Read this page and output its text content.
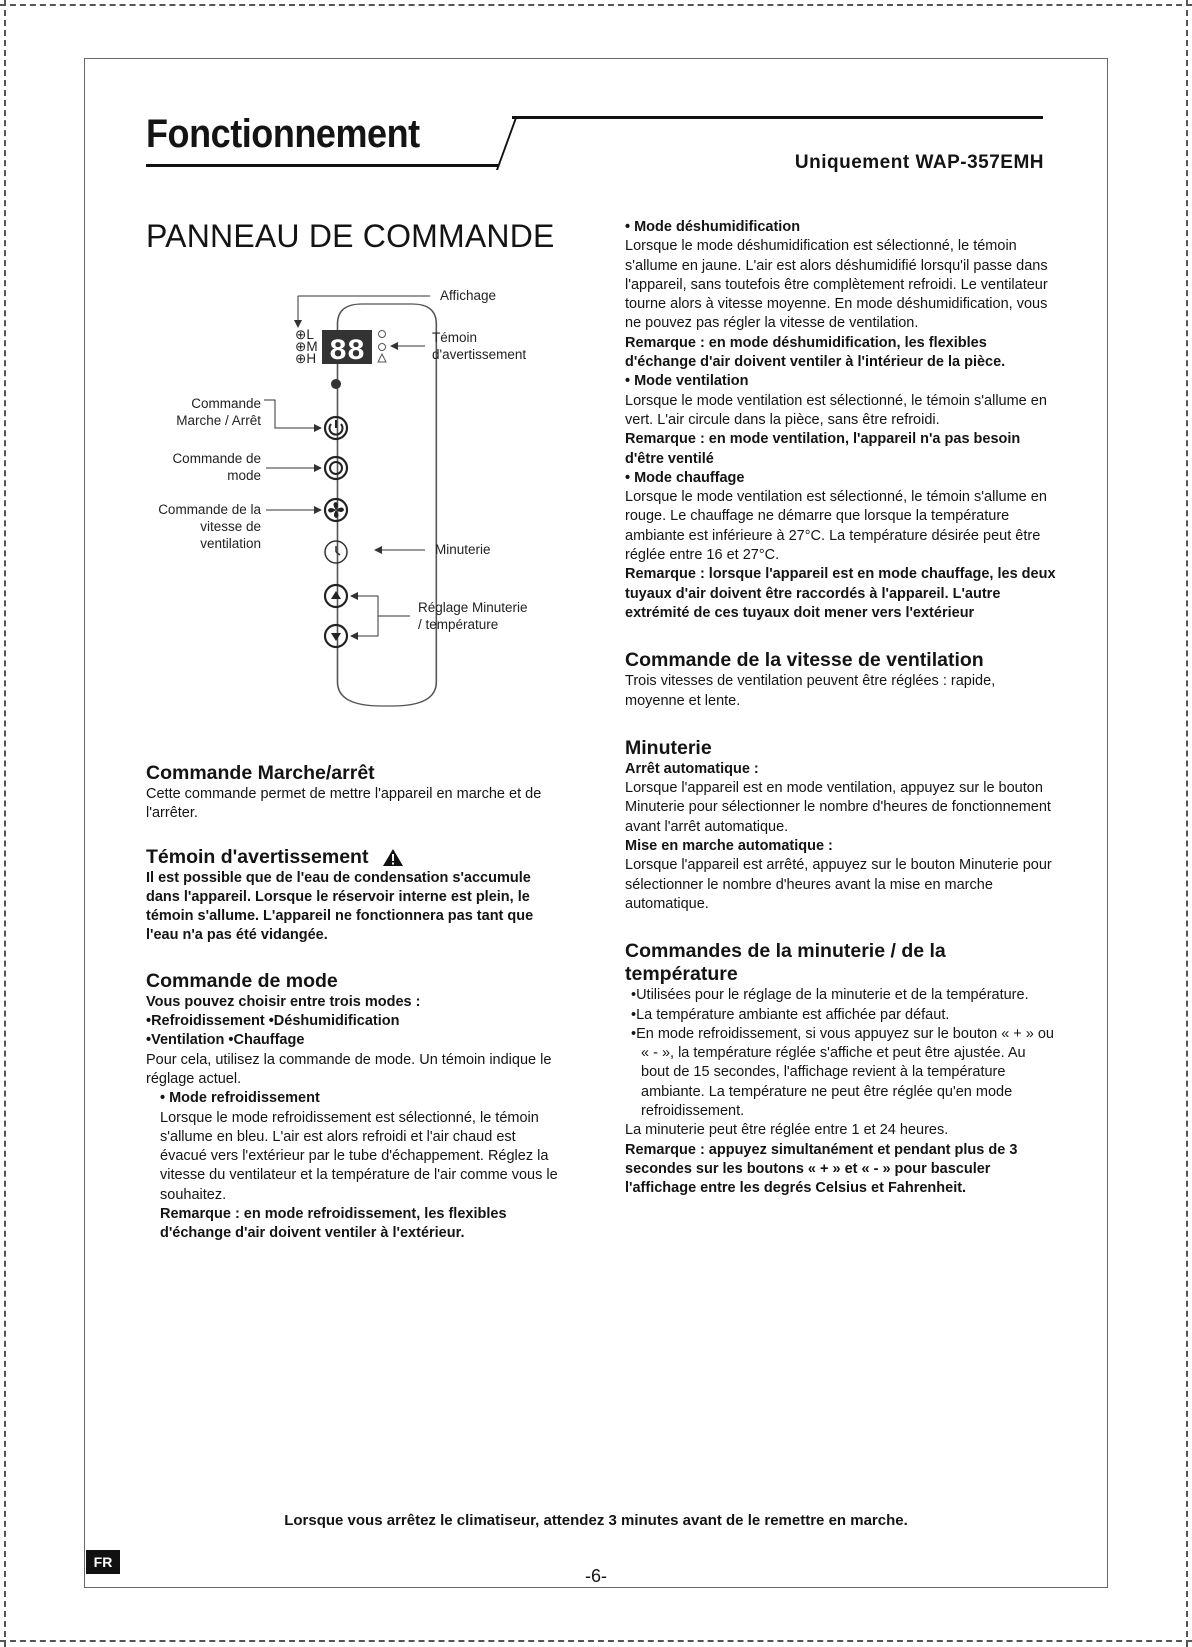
Fonctionnement
Uniquement WAP-357EMH
PANNEAU DE COMMANDE
88
⊕L
⊕M
⊕H
Affichage
Témoin
d'avertissement
Commande
Marche / Arrêt
Commande de
mode
Commande de la
vitesse de
ventilation	Minuterie
Réglage Minuterie
/ température

Commande Marche/arrêt

Cette commande permet de mettre l'appareil en marche et de l'arrêter.

Témoin d'avertissement

Il est possible que de l'eau de condensation s'accumule dans l'appareil. Lorsque le réservoir interne est plein, le témoin s'allume. L'appareil ne fonctionnera pas tant que l'eau n'a pas été vidangée.

Commande de mode

Vous pouvez choisir entre trois modes :

•Refroidissement •Déshumidification

•Ventilation •Chauffage

Pour cela, utilisez la commande de mode. Un témoin indique le réglage actuel.

• Mode refroidissement

Lorsque le mode refroidissement est sélectionné, le témoin s'allume en bleu. L'air est alors refroidi et l'air chaud est évacué vers l'extérieur par le tube d'échappement. Réglez la vitesse du ventilateur et la température de l'air comme vous le souhaitez.

Remarque : en mode refroidissement, les flexibles d'échange d'air doivent ventiler à l'extérieur.

• Mode déshumidification

Lorsque le mode déshumidification est sélectionné, le témoin s'allume en jaune. L'air est alors déshumidifié lorsqu'il passe dans l'appareil, sans toutefois être complètement refroidi. Le ventilateur tourne alors à vitesse moyenne. En mode déshumidification, vous ne pouvez pas régler la vitesse de ventilation.

Remarque : en mode déshumidification, les flexibles d'échange d'air doivent ventiler à l'intérieur de la pièce.

• Mode ventilation

Lorsque le mode ventilation est sélectionné, le témoin s'allume en vert. L'air circule dans la pièce, sans être refroidi.

Remarque : en mode ventilation, l'appareil n'a pas besoin d'être ventilé

• Mode chauffage

Lorsque le mode ventilation est sélectionné, le témoin s'allume en rouge. Le chauffage ne démarre que lorsque la température ambiante est inférieure à 27°C. La température désirée peut être réglée entre 16 et 27°C.

Remarque : lorsque l'appareil est en mode chauffage, les deux tuyaux d'air doivent être raccordés à l'appareil. L'autre extrémité de ces tuyaux doit mener vers l'extérieur

Commande de la vitesse de ventilation

Trois vitesses de ventilation peuvent être réglées : rapide, moyenne et lente.

Minuterie

Arrêt automatique :

Lorsque l'appareil est en mode ventilation, appuyez sur le bouton Minuterie pour sélectionner le nombre d'heures de fonctionnement avant l'arrêt automatique.

Mise en marche automatique :

Lorsque l'appareil est arrêté, appuyez sur le bouton Minuterie pour sélectionner le nombre d'heures avant la mise en marche automatique.

Commandes de la minuterie / de la température

•Utilisées pour le réglage de la minuterie et de la température.

•La température ambiante est affichée par défaut.

•En mode refroidissement, si vous appuyez sur le bouton « + » ou « - », la température réglée s'affiche et peut être ajustée. Au bout de 15 secondes, l'affichage revient à la température ambiante. La température ne peut être réglée qu'en mode refroidissement.

La minuterie peut être réglée entre 1 et 24 heures.

Remarque : appuyez simultanément et pendant plus de 3 secondes sur les boutons « + » et « - » pour basculer l'affichage entre les degrés Celsius et Fahrenheit.

Lorsque vous arrêtez le climatiseur, attendez 3 minutes avant de le remettre en marche.
FR
-6-
